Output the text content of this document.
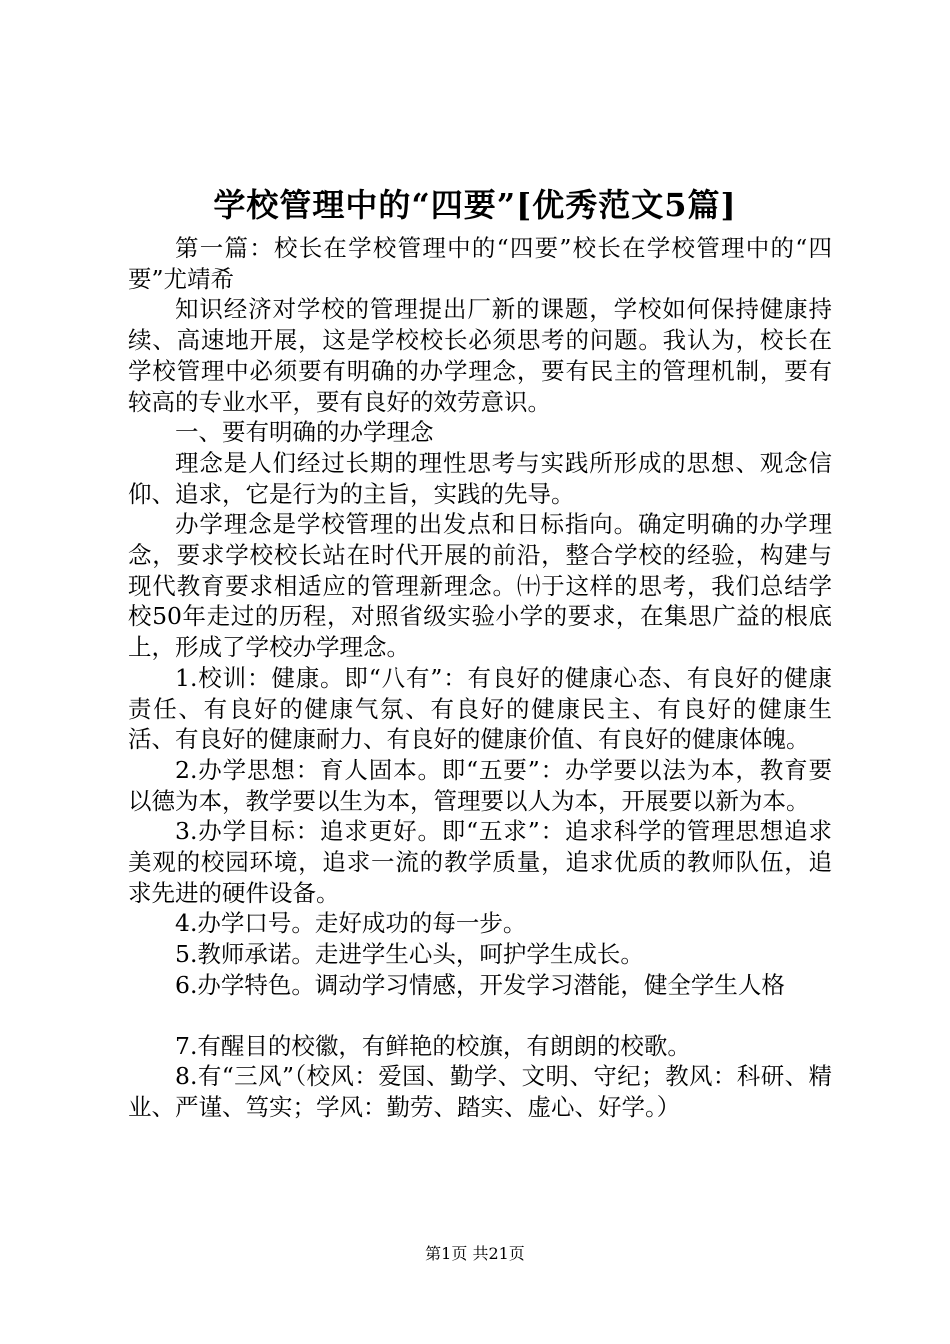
学校管理中的“四要”[优秀范文5篇]

第一篇：校长在学校管理中的“四要”校长在学校管理中的“四要”尤靖希

知识经济对学校的管理提出厂新的课题，学校如何保持健康持续、高速地开展，这是学校校长必须思考的问题。我认为，校长在学校管理中必须要有明确的办学理念，要有民主的管理机制，要有较高的专业水平，要有良好的效劳意识。

一、要有明确的办学理念

理念是人们经过长期的理性思考与实践所形成的思想、观念信仰、追求，它是行为的主旨，实践的先导。

办学理念是学校管理的出发点和日标指向。确定明确的办学理念，要求学校校长站在时代开展的前沿，整合学校的经验，构建与现代教育要求相适应的管理新理念。㈩于这样的思考，我们总结学校50年走过的历程，对照省级实验小学的要求，在集思广益的根底上，形成了学校办学理念。

1.校训：健康。即“八有”：有良好的健康心态、有良好的健康责任、有良好的健康气氛、有良好的健康民主、有良好的健康生活、有良好的健康耐力、有良好的健康价值、有良好的健康体魄。

2.办学思想：育人固本。即“五要”：办学要以法为本，教育要以德为本，教学要以生为本，管理要以人为本，开展要以新为本。

3.办学目标：追求更好。即“五求”：追求科学的管理思想追求美观的校园环境，追求一流的教学质量，追求优质的教师队伍，追求先进的硬件设备。

4.办学口号。走好成功的每一步。

5.教师承诺。走进学生心头，呵护学生成长。

6.办学特色。调动学习情感，开发学习潜能，健全学生人格

7.有醒目的校徽，有鲜艳的校旗，有朗朗的校歌。

8.有“三风”（校风：爱国、勤学、文明、守纪；教风：科研、精业、严谨、笃实；学风：勤劳、踏实、虚心、好学。）

第1页 共21页
